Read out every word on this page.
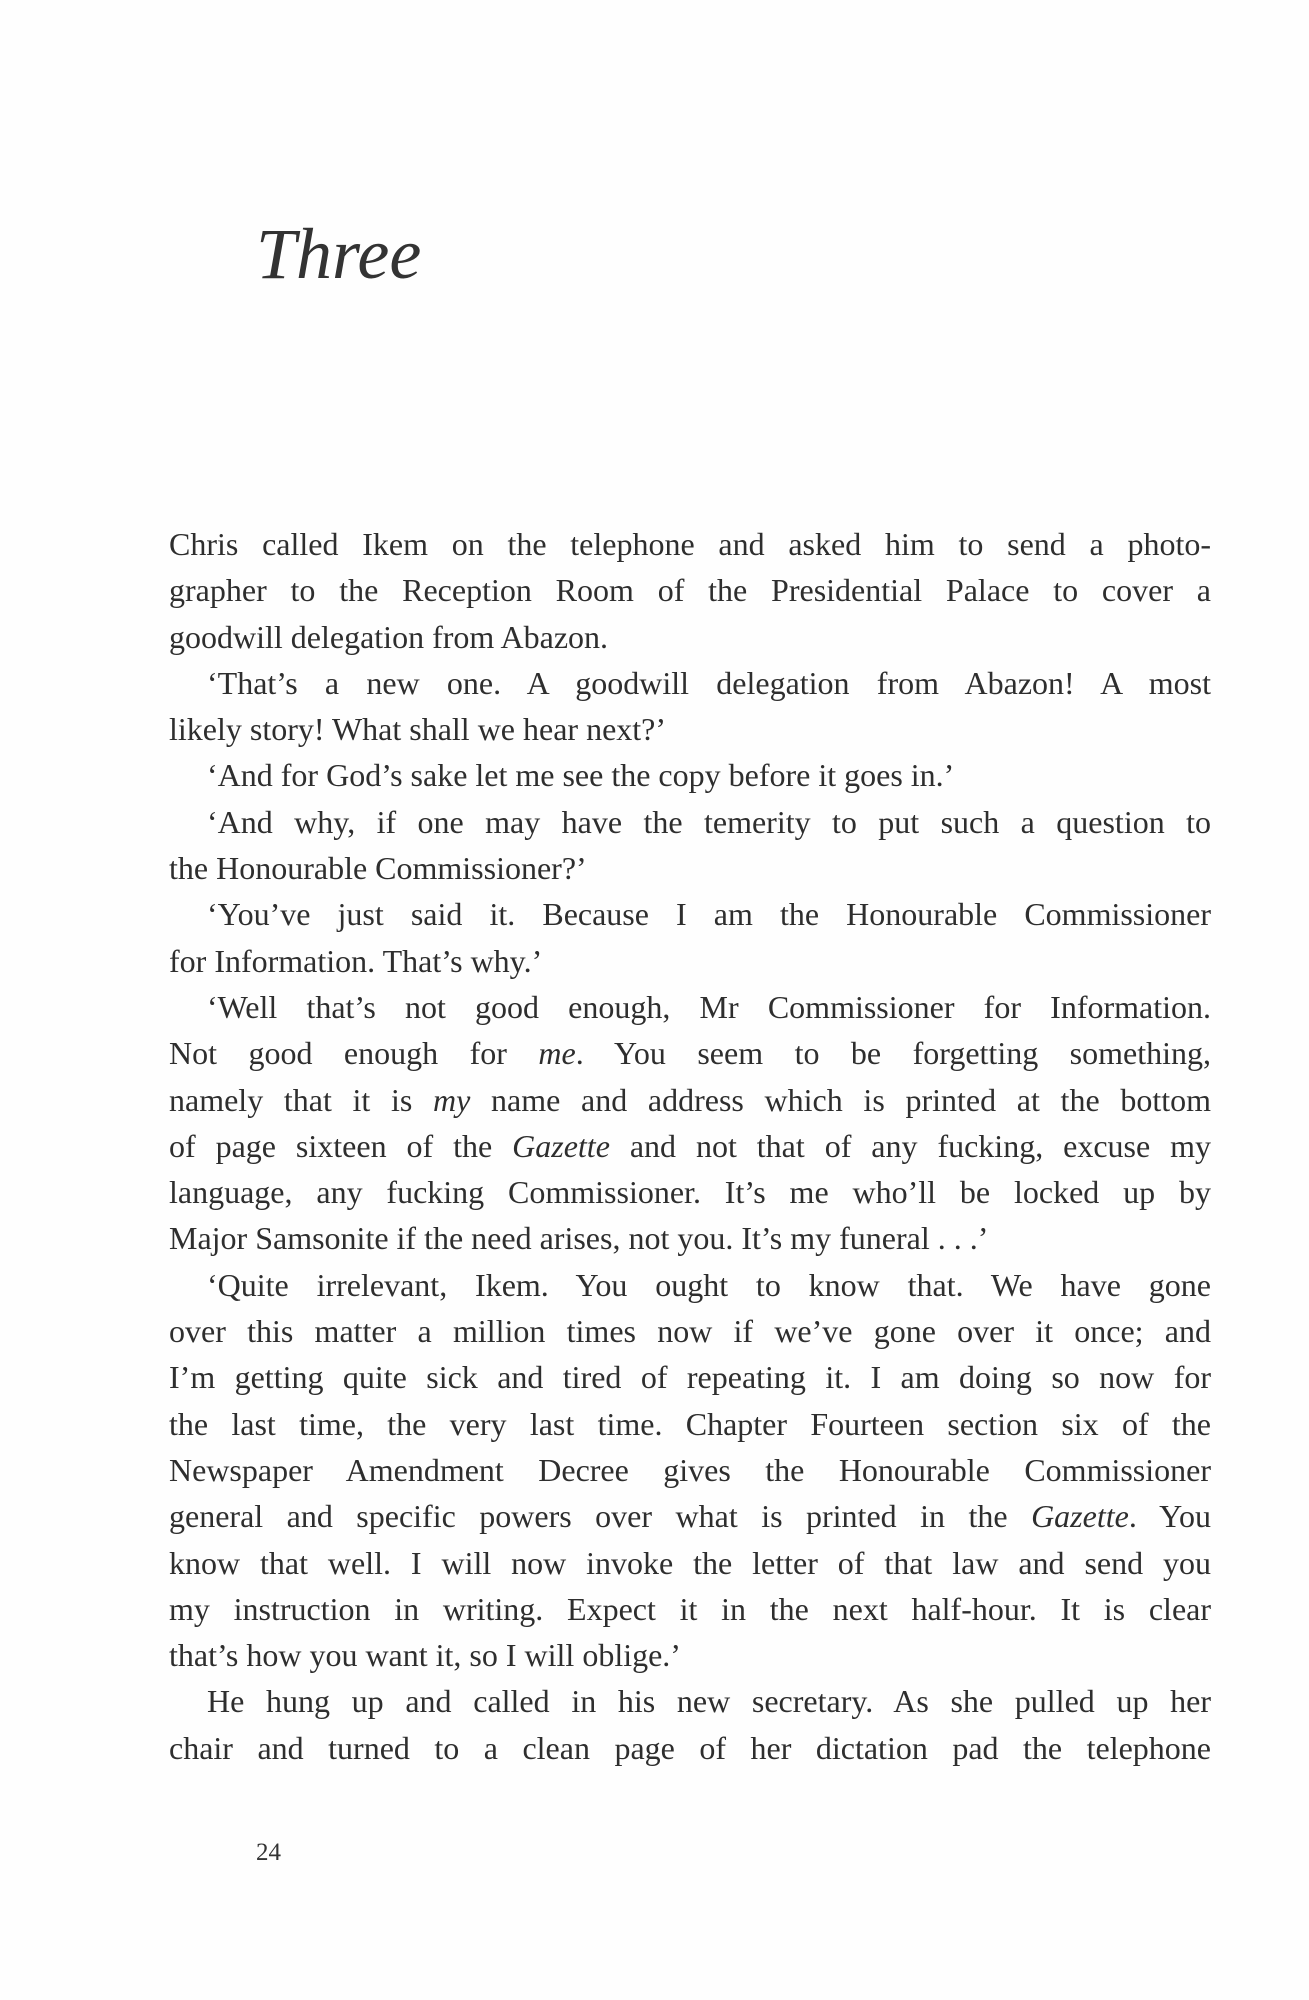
Three
Chris called Ikem on the telephone and asked him to send a photo-
grapher to the Reception Room of the Presidential Palace to cover a
goodwill delegation from Abazon.
‘That’s a new one. A goodwill delegation from Abazon! A most
likely story! What shall we hear next?’
‘And for God’s sake let me see the copy before it goes in.’
‘And why, if one may have the temerity to put such a question to
the Honourable Commissioner?’
‘You’ve just said it. Because I am the Honourable Commissioner
for Information. That’s why.’
‘Well that’s not good enough, Mr Commissioner for Information.
Not good enough for me. You seem to be forgetting something,
namely that it is my name and address which is printed at the bottom
of page sixteen of the Gazette and not that of any fucking, excuse my
language, any fucking Commissioner. It’s me who’ll be locked up by
Major Samsonite if the need arises, not you. It’s my funeral . . .’
‘Quite irrelevant, Ikem. You ought to know that. We have gone
over this matter a million times now if we’ve gone over it once; and
I’m getting quite sick and tired of repeating it. I am doing so now for
the last time, the very last time. Chapter Fourteen section six of the
Newspaper Amendment Decree gives the Honourable Commissioner
general and specific powers over what is printed in the Gazette. You
know that well. I will now invoke the letter of that law and send you
my instruction in writing. Expect it in the next half-hour. It is clear
that’s how you want it, so I will oblige.’
He hung up and called in his new secretary. As she pulled up her
chair and turned to a clean page of her dictation pad the telephone
24
